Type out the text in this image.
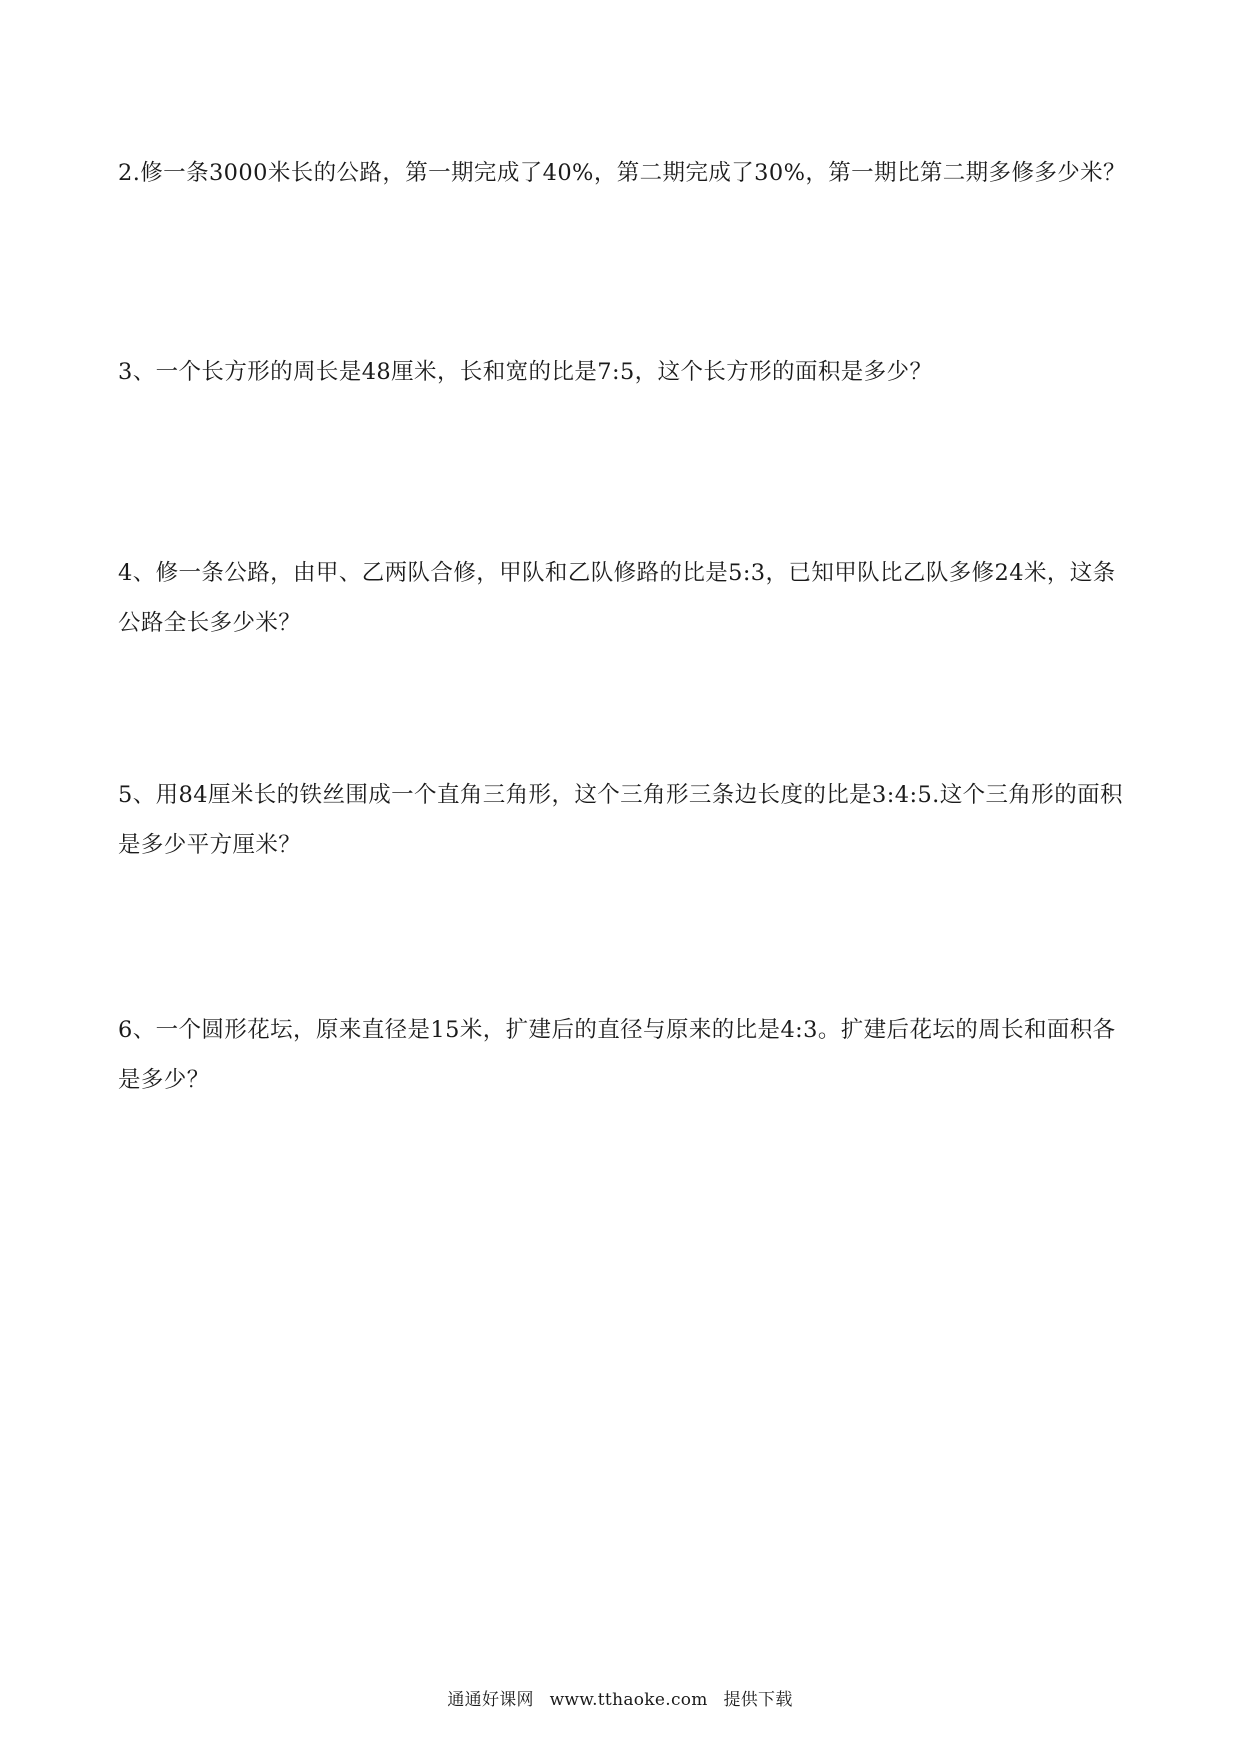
2.修一条3000米长的公路，第一期完成了40%，第二期完成了30%，第一期比第二期多修多少米？

3、一个长方形的周长是48厘米，长和宽的比是7:5，这个长方形的面积是多少？

4、修一条公路，由甲、乙两队合修，甲队和乙队修路的比是5:3，已知甲队比乙队多修24米，这条公路全长多少米？

5、用84厘米长的铁丝围成一个直角三角形，这个三角形三条边长度的比是3:4:5.这个三角形的面积是多少平方厘米？

6、一个圆形花坛，原来直径是15米，扩建后的直径与原来的比是4:3。扩建后花坛的周长和面积各是多少？

通通好课网 www.tthaoke.com 提供下载
